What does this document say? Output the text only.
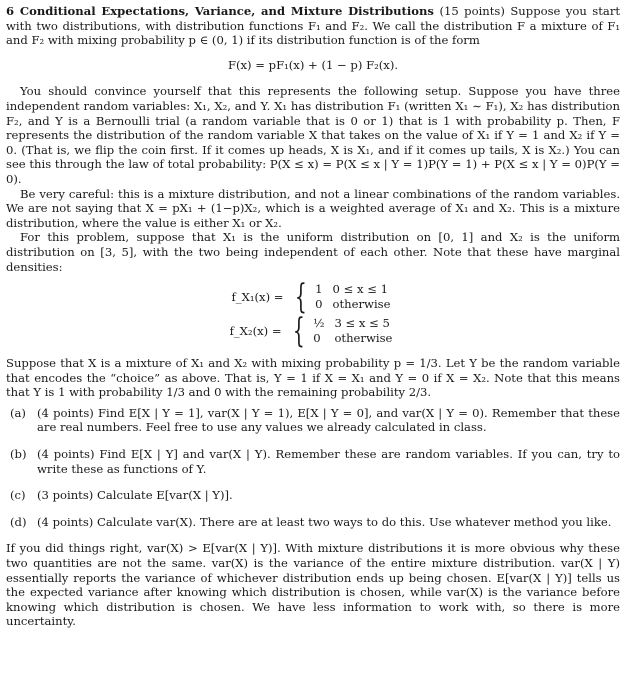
6 Conditional Expectations, Variance, and Mixture Distributions (15 points) Suppose you start with two distributions, with distribution functions F₁ and F₂. We call the distribution F a mixture of F₁ and F₂ with mixing probability p ∈ (0, 1) if its distribution function is of the form

F(x) = pF₁(x) + (1 − p) F₂(x).

You should convince yourself that this represents the following setup. Suppose you have three independent random variables: X₁, X₂, and Y. X₁ has distribution F₁ (written X₁ ∼ F₁), X₂ has distribution F₂, and Y is a Bernoulli trial (a random variable that is 0 or 1) that is 1 with probability p. Then, F represents the distribution of the random variable X that takes on the value of X₁ if Y = 1 and X₂ if Y = 0. (That is, we flip the coin first. If it comes up heads, X is X₁, and if it comes up tails, X is X₂.) You can see this through the law of total probability: P(X ≤ x) = P(X ≤ x | Y = 1)P(Y = 1) + P(X ≤ x | Y = 0)P(Y = 0).

Be very careful: this is a mixture distribution, and not a linear combinations of the random variables. We are not saying that X = pX₁ + (1−p)X₂, which is a weighted average of X₁ and X₂. This is a mixture distribution, where the value is either X₁ or X₂.

For this problem, suppose that X₁ is the uniform distribution on [0, 1] and X₂ is the uniform distribution on [3, 5], with the two being independent of each other. Note that these have marginal densities:

f_X₁(x) = { 1	0 ≤ x ≤ 1
0	otherwise
f_X₂(x) = { ½	3 ≤ x ≤ 5
0	otherwise

Suppose that X is a mixture of X₁ and X₂ with mixing probability p = 1/3. Let Y be the random variable that encodes the “choice” as above. That is, Y = 1 if X = X₁ and Y = 0 if X = X₂. Note that this means that Y is 1 with probability 1/3 and 0 with the remaining probability 2/3.

(a) (4 points) Find E[X | Y = 1], var(X | Y = 1), E[X | Y = 0], and var(X | Y = 0). Remember that these are real numbers. Feel free to use any values we already calculated in class.
(b) (4 points) Find E[X | Y] and var(X | Y). Remember these are random variables. If you can, try to write these as functions of Y.
(c) (3 points) Calculate E[var(X | Y)].
(d) (4 points) Calculate var(X). There are at least two ways to do this. Use whatever method you like.

If you did things right, var(X) > E[var(X | Y)]. With mixture distributions it is more obvious why these two quantities are not the same. var(X) is the variance of the entire mixture distribution. var(X | Y) essentially reports the variance of whichever distribution ends up being chosen. E[var(X | Y)] tells us the expected variance after knowing which distribution is chosen, while var(X) is the variance before knowing which distribution is chosen. We have less information to work with, so there is more uncertainty.
